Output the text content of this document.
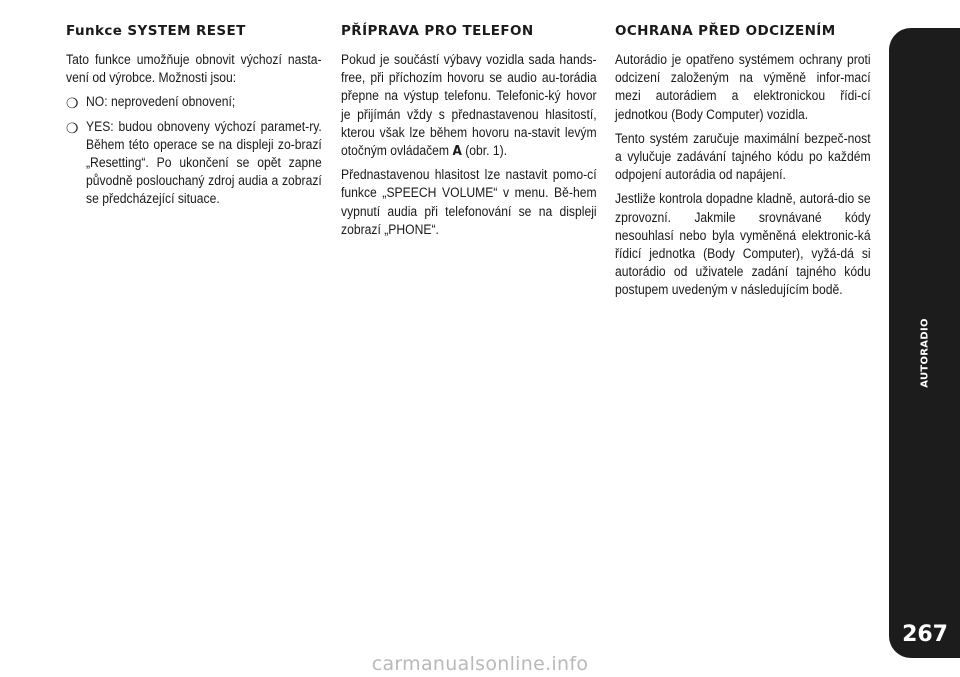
Funkce SYSTEM RESET

Tato funkce umožňuje obnovit výchozí nasta-vení od výrobce. Možnosti jsou:

❍ NO: neprovedení obnovení;

❍ YES: budou obnoveny výchozí paramet-ry. Během této operace se na displeji zo-brazí „Resetting“. Po ukončení se opět zapne původně poslouchaný zdroj audia a zobrazí se předcházející situace.

PŘÍPRAVA PRO TELEFON

Pokud je součástí výbavy vozidla sada hands-free, při příchozím hovoru se audio au-torádia přepne na výstup telefonu. Telefonic-ký hovor je přijímán vždy s přednastavenou hlasitostí, kterou však lze během hovoru na-stavit levým otočným ovládačem A (obr. 1).

Přednastavenou hlasitost lze nastavit pomo-cí funkce „SPEECH VOLUME“ v menu. Bě-hem vypnutí audia při telefonování se na displeji zobrazí „PHONE“.

OCHRANA PŘED ODCIZENÍM

Autorádio je opatřeno systémem ochrany proti odcizení založeným na výměně infor-mací mezi autorádiem a elektronickou řídi-cí jednotkou (Body Computer) vozidla.

Tento systém zaručuje maximální bezpeč-nost a vylučuje zadávání tajného kódu po každém odpojení autorádia od napájení.

Jestliže kontrola dopadne kladně, autorá-dio se zprovozní. Jakmile srovnávané kódy nesouhlasí nebo byla vyměněná elektronic-ká řídicí jednotka (Body Computer), vyžá-dá si autorádio od uživatele zadání tajného kódu postupem uvedeným v následujícím bodě.

AUTORADIO
267
carmanualsonline.info
